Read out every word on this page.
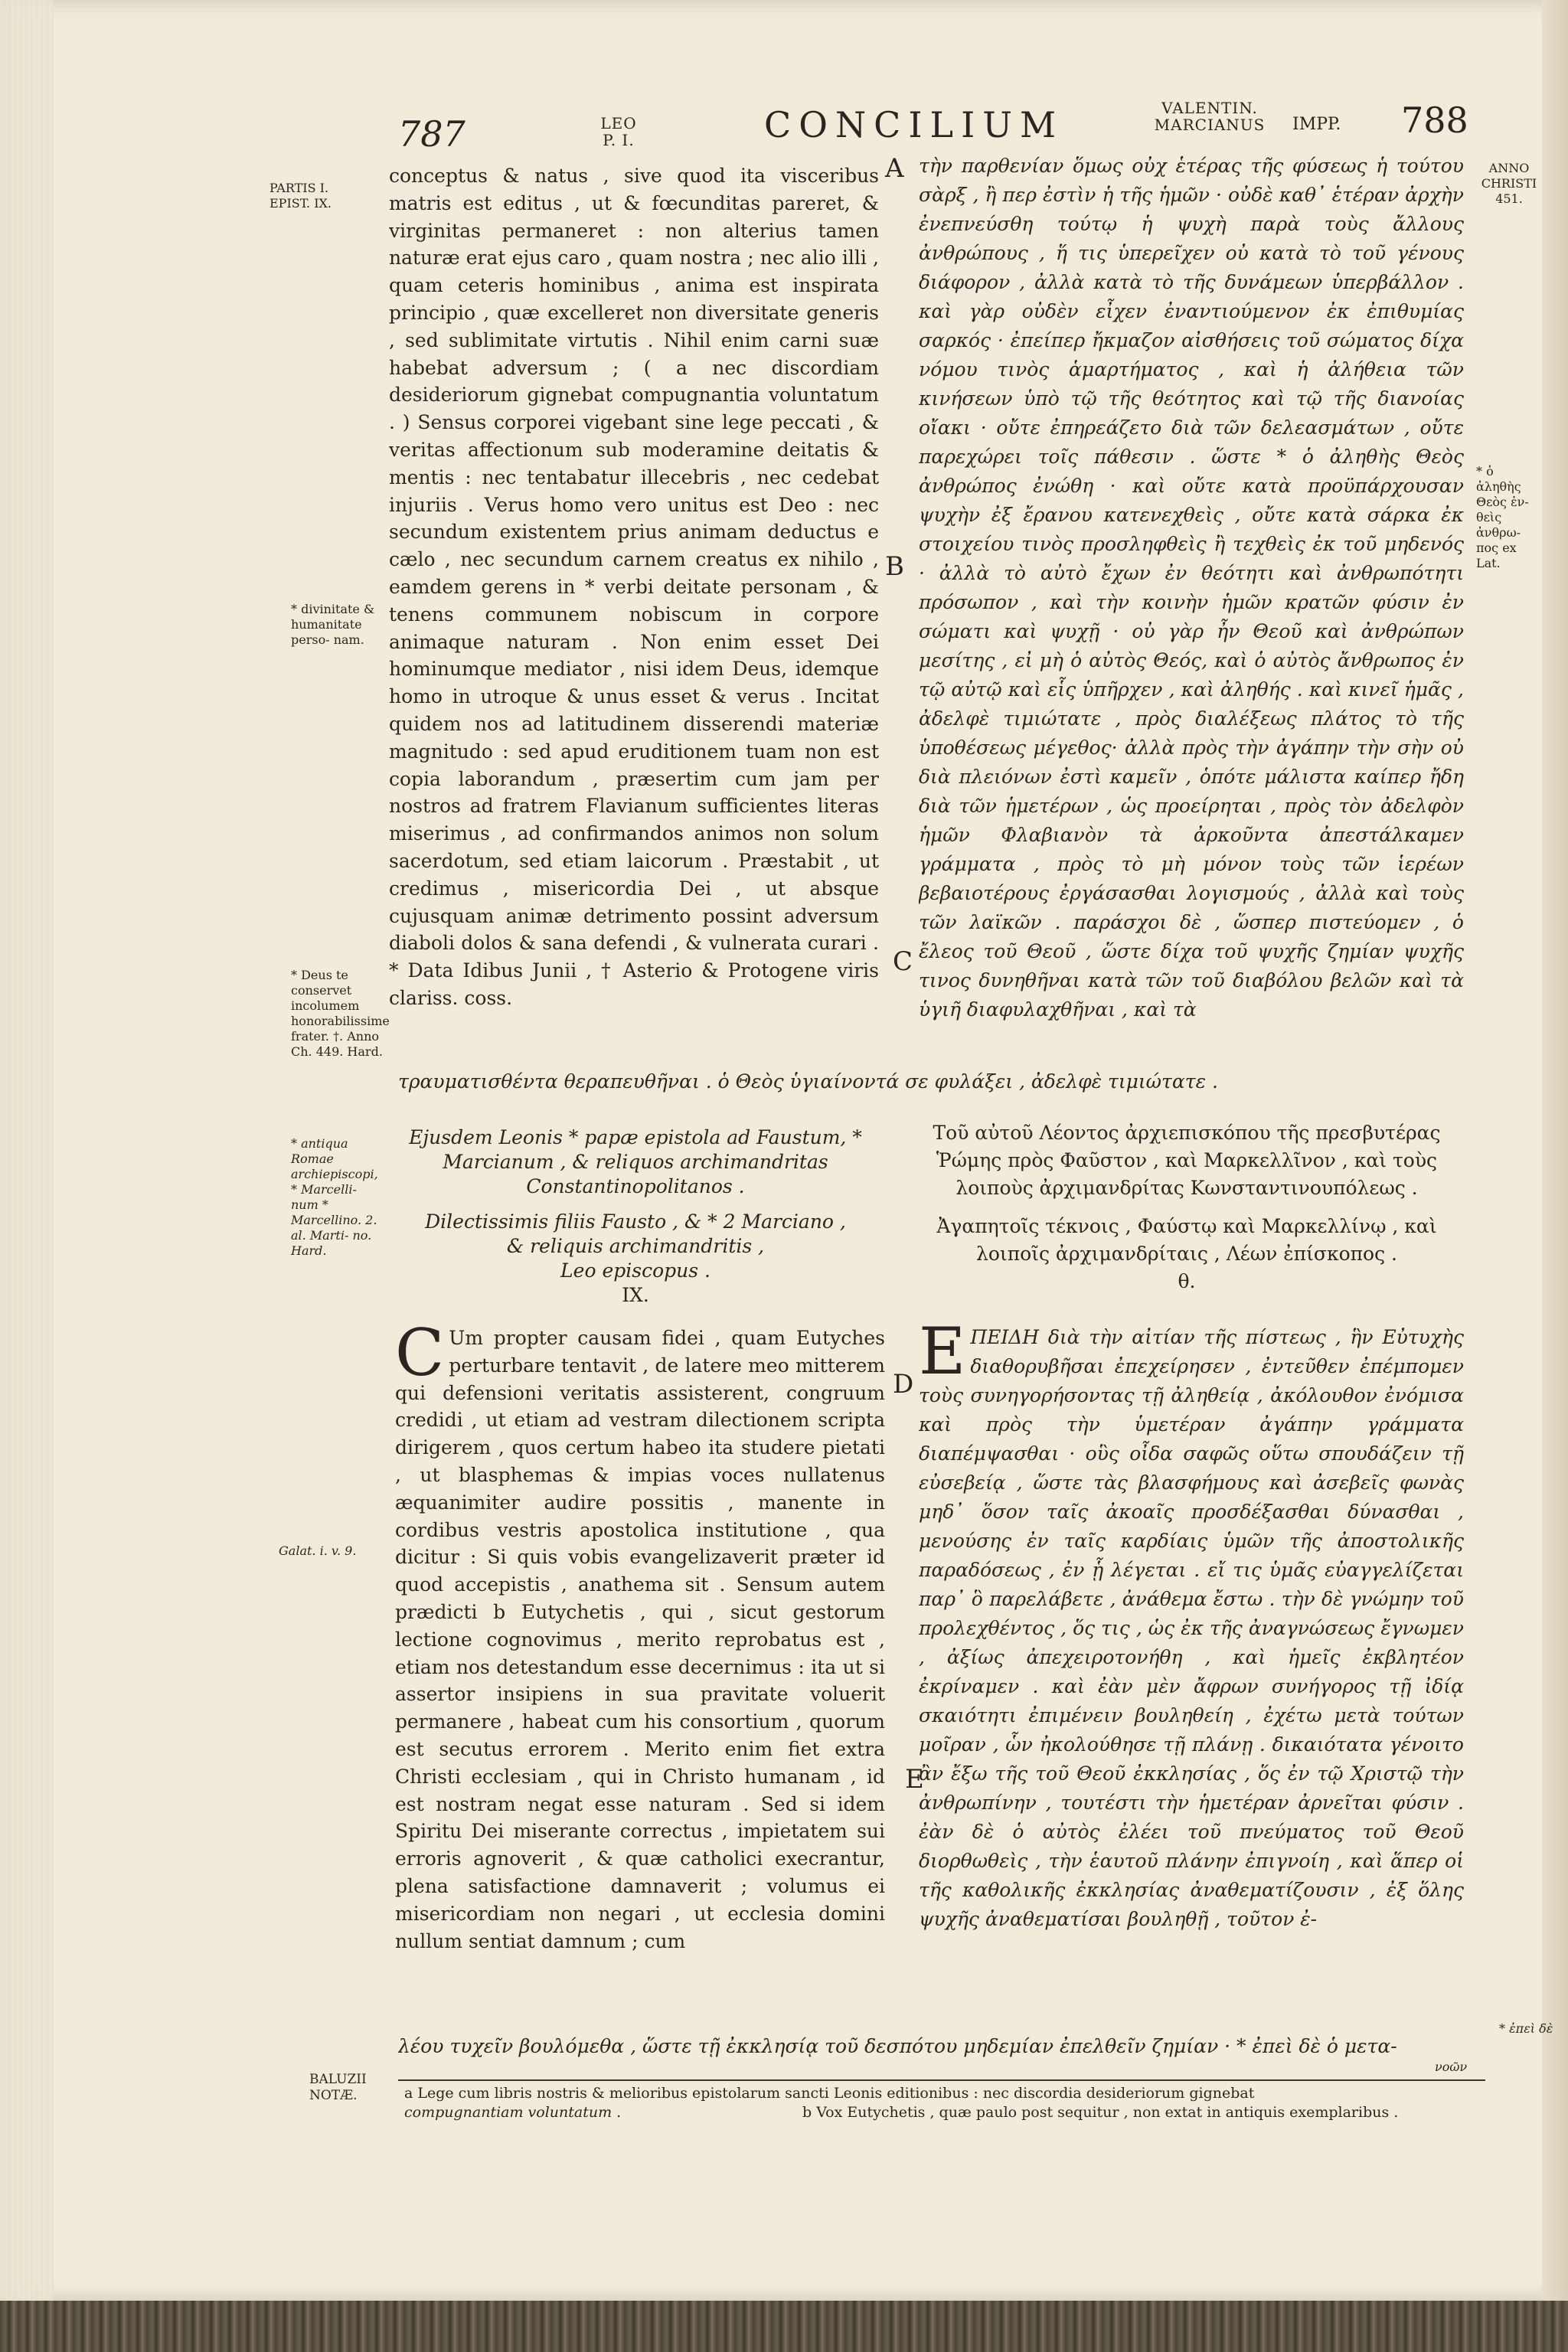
787	LEO
P. I.	CONCILIUM	VALENTIN.
MARCIANUS	IMPP. 788
PARTIS I.
EPIST. IX.
* divinitate & humanitate perso- nam.
* Deus te conservet incolumem honorabilissime frater. †. Anno Ch. 449. Hard.
* antiqua Romae archiepiscopi, * Marcelli- num * Marcellino. 2. al. Marti- no. Hard.
Galat. i. v. 9.
ANNO CHRISTI 451.
* ὁ ἀληθὴς Θεὸς ἐν- θεὶς ἀνθρω- πος ex Lat.
A
B
C
D
E

conceptus & natus , sive quod ita visceribus matris est editus , ut & fœcunditas pareret, & virginitas permaneret : non alterius tamen naturæ erat ejus caro , quam nostra ; nec alio illi , quam ceteris hominibus , anima est inspirata principio , quæ excelleret non diversitate generis , sed sublimitate virtutis . Nihil enim carni suæ habebat adversum ; ( a nec discordiam desideriorum gignebat compugnantia voluntatum . ) Sensus corporei vigebant sine lege peccati , & veritas affectionum sub moderamine deitatis & mentis : nec tentabatur illecebris , nec cedebat injuriis . Verus homo vero unitus est Deo : nec secundum existentem prius animam deductus e cælo , nec secundum carnem creatus ex nihilo , eamdem gerens in * verbi deitate personam , & tenens communem nobiscum in corpore animaque naturam . Non enim esset Dei hominumque mediator , nisi idem Deus, idemque homo in utroque & unus esset & verus . Incitat quidem nos ad latitudinem disserendi materiæ magnitudo : sed apud eruditionem tuam non est copia laborandum , præsertim cum jam per nostros ad fratrem Flavianum sufficientes literas miserimus , ad confirmandos animos non solum sacerdotum, sed etiam laicorum . Præstabit , ut credimus , misericordia Dei , ut absque cujusquam animæ detrimento possint adversum diaboli dolos & sana defendi , & vulnerata curari . * Data Idibus Junii , † Asterio & Protogene viris clariss. coss.

τὴν παρθενίαν ὅμως οὐχ ἑτέρας τῆς φύσεως ἡ τούτου σὰρξ , ἢ περ ἐστὶν ἡ τῆς ἡμῶν · οὐδὲ καθ᾽ ἑτέραν ἀρχὴν ἐνεπνεύσθη τούτῳ ἡ ψυχὴ παρὰ τοὺς ἄλλους ἀνθρώπους , ἥ τις ὑπερεῖχεν οὐ κατὰ τὸ τοῦ γένους διάφορον , ἀλλὰ κατὰ τὸ τῆς δυνάμεων ὑπερβάλλον . καὶ γὰρ οὐδὲν εἶχεν ἐναντιούμενον ἐκ ἐπιθυμίας σαρκός · ἐπείπερ ἤκμαζον αἰσθήσεις τοῦ σώματος δίχα νόμου τινὸς ἁμαρτήματος , καὶ ἡ ἀλήθεια τῶν κινήσεων ὑπὸ τῷ τῆς θεότητος καὶ τῷ τῆς διανοίας οἴακι · οὔτε ἐπηρεάζετο διὰ τῶν δελεασμάτων , οὔτε παρεχώρει τοῖς πάθεσιν . ὥστε * ὁ ἀληθὴς Θεὸς ἀνθρώπος ἐνώθη · καὶ οὔτε κατὰ προϋπάρχουσαν ψυχὴν ἐξ ἔρανου κατενεχθεὶς , οὔτε κατὰ σάρκα ἐκ στοιχείου τινὸς προσληφθεὶς ἢ τεχθεὶς ἐκ τοῦ μηδενός · ἀλλὰ τὸ αὐτὸ ἔχων ἐν θεότητι καὶ ἀνθρωπότητι πρόσωπον , καὶ τὴν κοινὴν ἡμῶν κρατῶν φύσιν ἐν σώματι καὶ ψυχῇ · οὐ γὰρ ἦν Θεοῦ καὶ ἀνθρώπων μεσίτης , εἰ μὴ ὁ αὐτὸς Θεός, καὶ ὁ αὐτὸς ἄνθρωπος ἐν τῷ αὐτῷ καὶ εἷς ὑπῆρχεν , καὶ ἀληθής . καὶ κινεῖ ἡμᾶς , ἀδελφὲ τιμιώτατε , πρὸς διαλέξεως πλάτος τὸ τῆς ὑποθέσεως μέγεθος· ἀλλὰ πρὸς τὴν ἀγάπην τὴν σὴν οὐ διὰ πλειόνων ἐστὶ καμεῖν , ὁπότε μάλιστα καίπερ ἤδη διὰ τῶν ἡμετέρων , ὡς προείρηται , πρὸς τὸν ἀδελφὸν ἡμῶν Φλαβιανὸν τὰ ἀρκοῦντα ἀπεστάλκαμεν γράμματα , πρὸς τὸ μὴ μόνον τοὺς τῶν ἱερέων βεβαιοτέρους ἐργάσασθαι λογισμούς , ἀλλὰ καὶ τοὺς τῶν λαϊκῶν . παράσχοι δὲ , ὥσπερ πιστεύομεν , ὁ ἔλεος τοῦ Θεοῦ , ὥστε δίχα τοῦ ψυχῆς ζημίαν ψυχῆς τινος δυνηθῆναι κατὰ τῶν τοῦ διαβόλου βελῶν καὶ τὰ ὑγιῆ διαφυλαχθῆναι , καὶ τὰ

τραυματισθέντα θεραπευθῆναι . ὁ Θεὸς ὑγιαίνοντά σε φυλάξει , ἀδελφὲ τιμιώτατε .
Ejusdem Leonis * papæ epistola ad Faustum, *
Marcianum , & reliquos archimandritas
Constantinopolitanos .
Dilectissimis filiis Fausto , & * 2 Marciano ,
& reliquis archimandritis ,
Leo episcopus .
IX.
Τοῦ αὐτοῦ Λέοντος ἀρχιεπισκόπου τῆς πρεσβυτέρας
Ῥώμης πρὸς Φαῦστον , καὶ Μαρκελλῖνον , καὶ τοὺς
λοιποὺς ἀρχιμανδρίτας Κωνσταντινουπόλεως .
Ἀγαπητοῖς τέκνοις , Φαύστῳ καὶ Μαρκελλίνῳ , καὶ
λοιποῖς ἀρχιμανδρίταις , Λέων ἐπίσκοπος .
θ.
C Um propter causam fidei , quam Eutyches perturbare tentavit , de latere meo mitterem qui defensioni veritatis assisterent, congruum credidi , ut etiam ad vestram dilectionem scripta dirigerem , quos certum habeo ita studere pietati , ut blasphemas & impias voces nullatenus æquanimiter audire possitis , manente in cordibus vestris apostolica institutione , qua dicitur : Si quis vobis evangelizaverit præter id quod accepistis , anathema sit . Sensum autem prædicti b Eutychetis , qui , sicut gestorum lectione cognovimus , merito reprobatus est , etiam nos detestandum esse decernimus : ita ut si assertor insipiens in sua pravitate voluerit permanere , habeat cum his consortium , quorum est secutus errorem . Merito enim fiet extra Christi ecclesiam , qui in Christo humanam , id est nostram negat esse naturam . Sed si idem Spiritu Dei miserante correctus , impietatem sui erroris agnoverit , & quæ catholici execrantur, plena satisfactione damnaverit ; volumus ei misericordiam non negari , ut ecclesia domini nullum sentiat damnum ; cum

Ε ΠΕΙΔΗ διὰ τὴν αἰτίαν τῆς πίστεως , ἣν Εὐτυχὴς διαθορυβῆσαι ἐπεχείρησεν , ἐντεῦθεν ἐπέμπομεν τοὺς συνηγορήσοντας τῇ ἀληθείᾳ , ἀκόλουθον ἐνόμισα καὶ πρὸς τὴν ὑμετέραν ἀγάπην γράμματα διαπέμψασθαι · οὓς οἶδα σαφῶς οὕτω σπουδάζειν τῇ εὐσεβείᾳ , ὥστε τὰς βλασφήμους καὶ ἀσεβεῖς φωνὰς μηδ᾽ ὅσον ταῖς ἀκοαῖς προσδέξασθαι δύνασθαι , μενούσης ἐν ταῖς καρδίαις ὑμῶν τῆς ἀποστολικῆς παραδόσεως , ἐν ᾗ λέγεται . εἴ τις ὑμᾶς εὐαγγελίζεται παρ᾽ ὃ παρελάβετε , ἀνάθεμα ἔστω . τὴν δὲ γνώμην τοῦ προλεχθέντος , ὅς τις , ὡς ἐκ τῆς ἀναγνώσεως ἔγνωμεν , ἀξίως ἀπεχειροτονήθη , καὶ ἡμεῖς ἐκβλητέον ἐκρίναμεν . καὶ ἐὰν μὲν ἄφρων συνήγορος τῇ ἰδίᾳ σκαιότητι ἐπιμένειν βουληθείη , ἐχέτω μετὰ τούτων μοῖραν , ὧν ἠκολούθησε τῇ πλάνῃ . δικαιότατα γένοιτο ἂν ἔξω τῆς τοῦ Θεοῦ ἐκκλησίας , ὅς ἐν τῷ Χριστῷ τὴν ἀνθρωπίνην , τουτέστι τὴν ἡμετέραν ἀρνεῖται φύσιν . ἐὰν δὲ ὁ αὐτὸς ἐλέει τοῦ πνεύματος τοῦ Θεοῦ διορθωθεὶς , τὴν ἑαυτοῦ πλάνην ἐπιγνοίη , καὶ ἅπερ οἱ τῆς καθολικῆς ἐκκλησίας ἀναθεματίζουσιν , ἐξ ὅλης ψυχῆς ἀναθεματίσαι βουληθῇ , τοῦτον ἐ-

λέου τυχεῖν βουλόμεθα , ὥστε τῇ ἐκκλησίᾳ τοῦ δεσπότου μηδεμίαν ἐπελθεῖν ζημίαν · * ἐπεὶ δὲ ὁ μετα-
νοῶν
* ἐπεὶ δὲ
BALUZII
NOTÆ.	a Lege cum libris nostris & melioribus epistolarum sancti Leonis editionibus : nec discordia desideriorum gignebat
compugnantiam voluntatum .	b Vox Eutychetis , quæ paulo post sequitur , non extat in antiquis exemplaribus .
